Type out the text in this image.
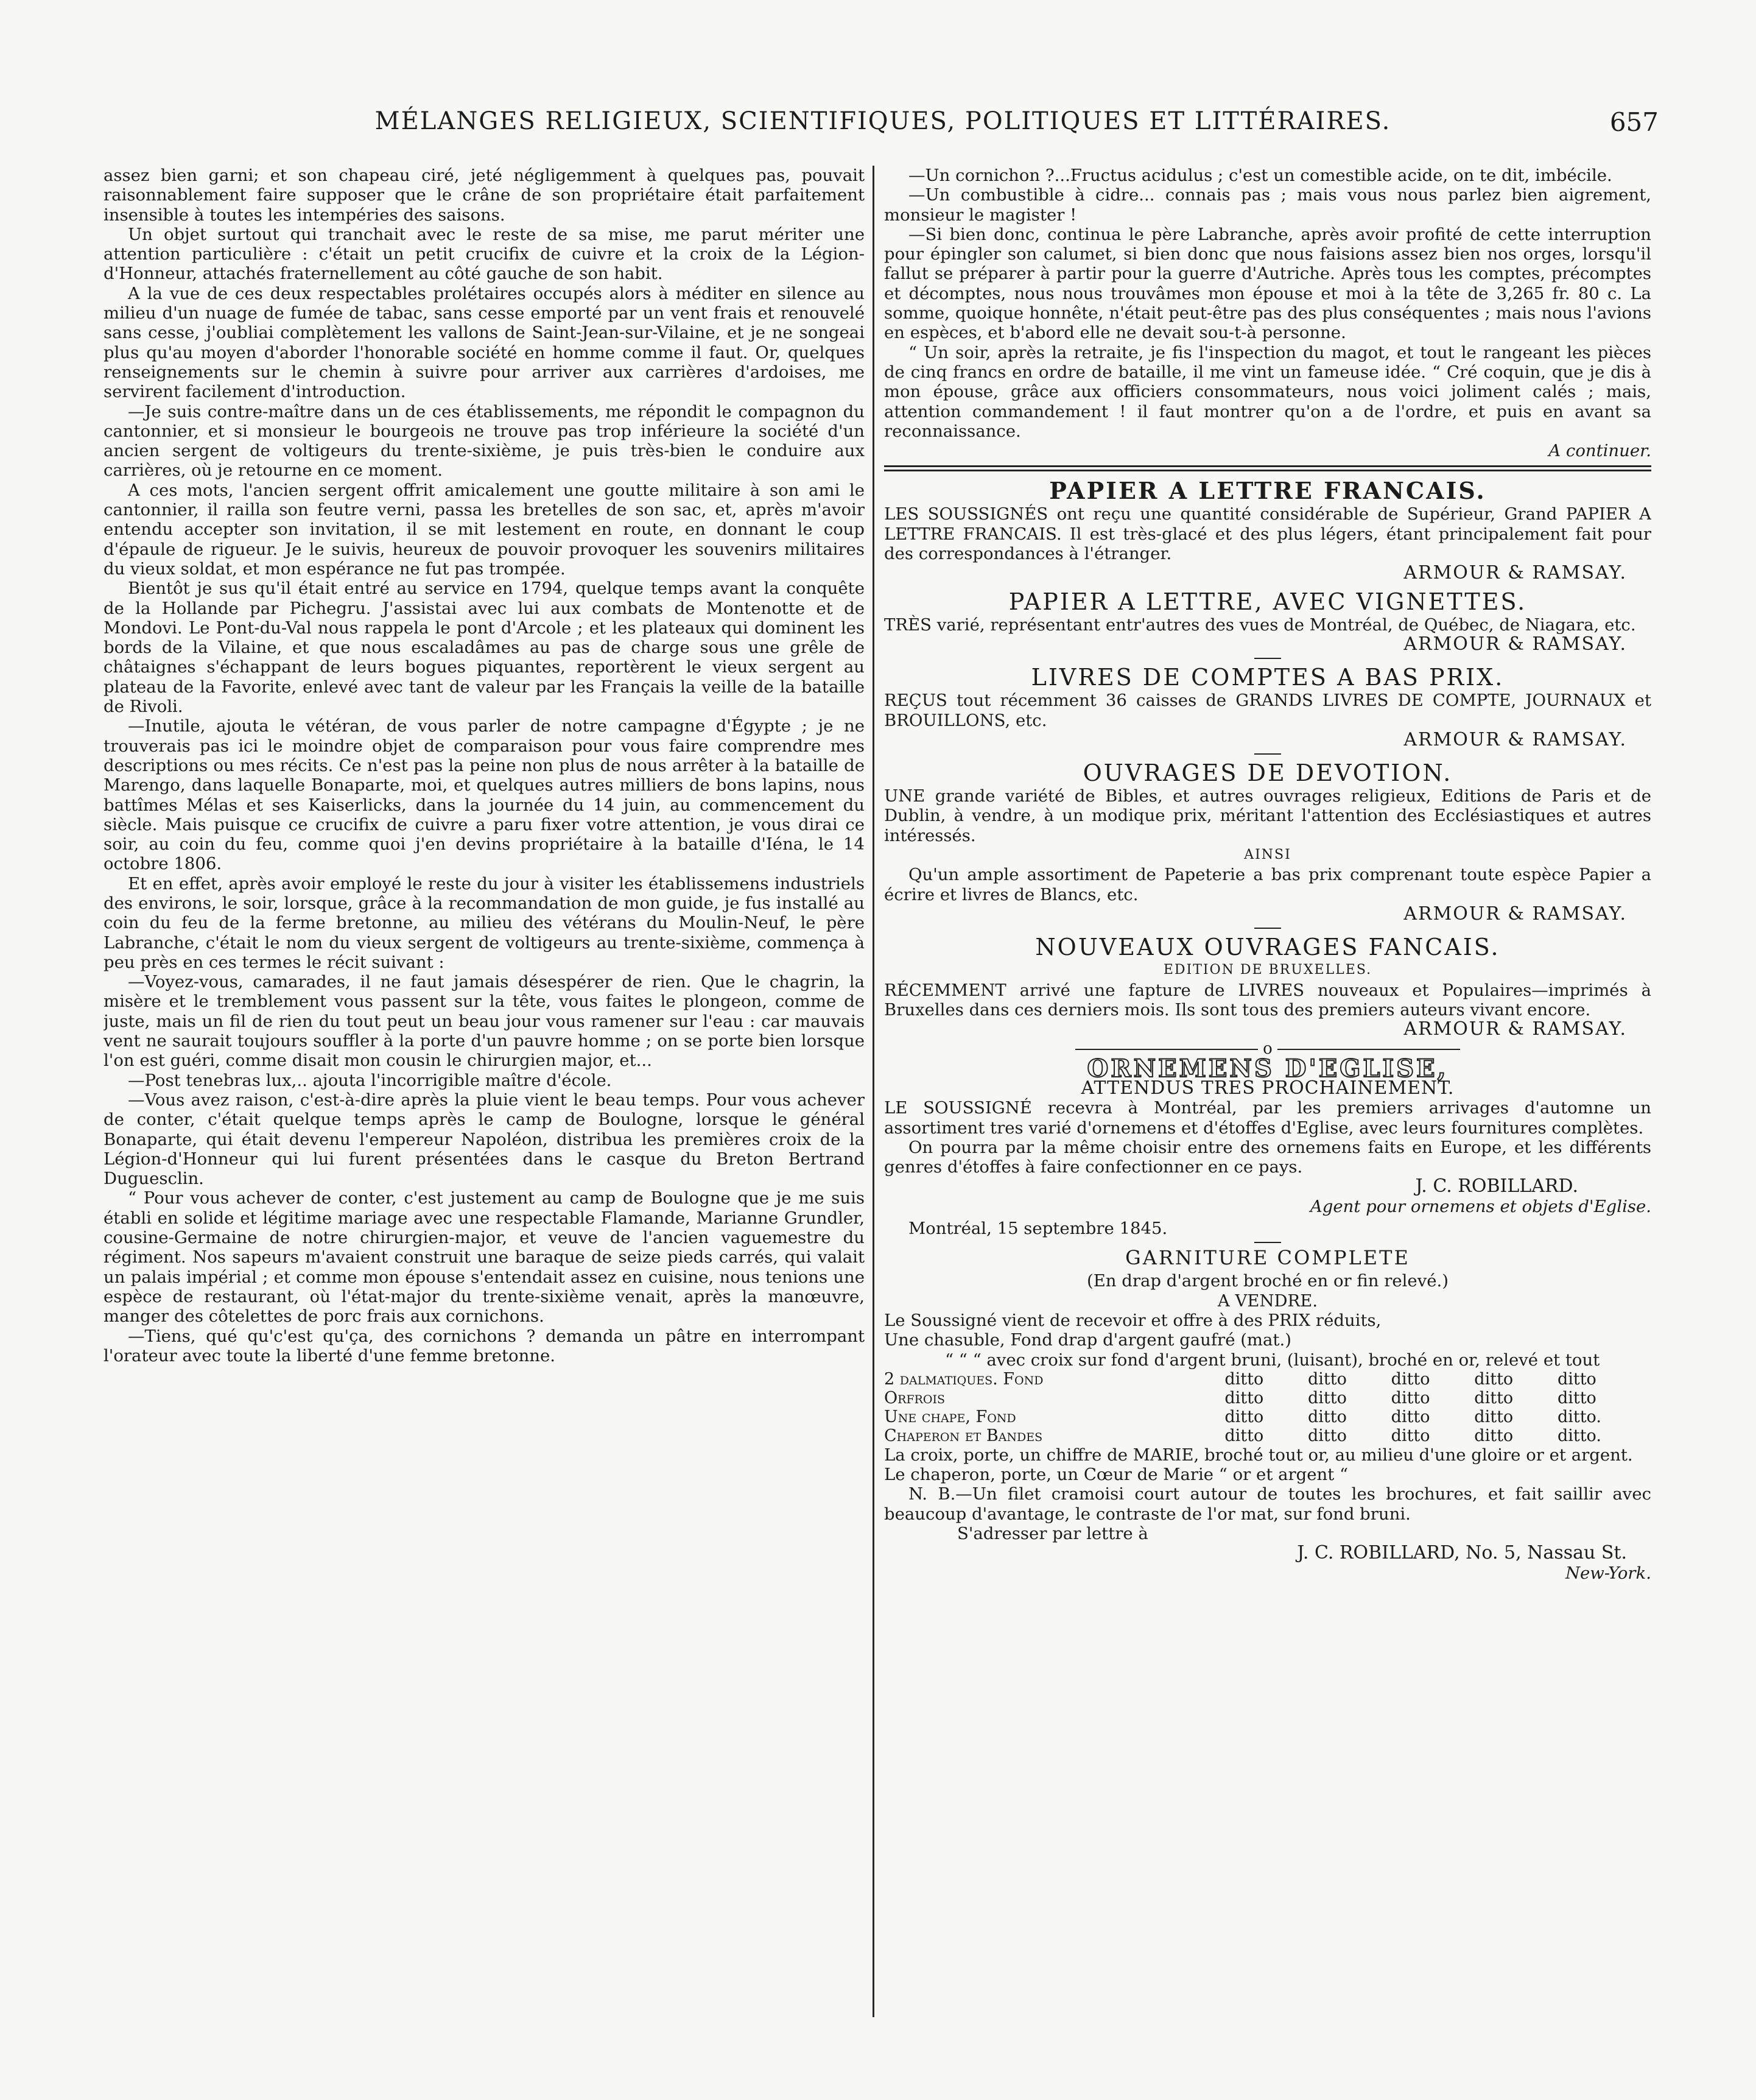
MÉLANGES RELIGIEUX, SCIENTIFIQUES, POLITIQUES ET LITTÉRAIRES.	657

assez bien garni; et son chapeau ciré, jeté négligemment à quelques pas, pouvait raisonnablement faire supposer que le crâne de son propriétaire était parfaitement insensible à toutes les intempéries des saisons.

Un objet surtout qui tranchait avec le reste de sa mise, me parut mériter une attention particulière : c'était un petit crucifix de cuivre et la croix de la Légion-d'Honneur, attachés fraternellement au côté gauche de son habit.

A la vue de ces deux respectables prolétaires occupés alors à méditer en silence au milieu d'un nuage de fumée de tabac, sans cesse emporté par un vent frais et renouvelé sans cesse, j'oubliai complètement les vallons de Saint-Jean-sur-Vilaine, et je ne songeai plus qu'au moyen d'aborder l'honorable société en homme comme il faut. Or, quelques renseignements sur le chemin à suivre pour arriver aux carrières d'ardoises, me servirent facilement d'introduction.

—Je suis contre-maître dans un de ces établissements, me répondit le compagnon du cantonnier, et si monsieur le bourgeois ne trouve pas trop inférieure la société d'un ancien sergent de voltigeurs du trente-sixième, je puis très-bien le conduire aux carrières, où je retourne en ce moment.

A ces mots, l'ancien sergent offrit amicalement une goutte militaire à son ami le cantonnier, il railla son feutre verni, passa les bretelles de son sac, et, après m'avoir entendu accepter son invitation, il se mit lestement en route, en donnant le coup d'épaule de rigueur. Je le suivis, heureux de pouvoir provoquer les souvenirs militaires du vieux soldat, et mon espérance ne fut pas trompée.

Bientôt je sus qu'il était entré au service en 1794, quelque temps avant la conquête de la Hollande par Pichegru. J'assistai avec lui aux combats de Montenotte et de Mondovi. Le Pont-du-Val nous rappela le pont d'Arcole ; et les plateaux qui dominent les bords de la Vilaine, et que nous escaladâmes au pas de charge sous une grêle de châtaignes s'échappant de leurs bogues piquantes, reportèrent le vieux sergent au plateau de la Favorite, enlevé avec tant de valeur par les Français la veille de la bataille de Rivoli.

—Inutile, ajouta le vétéran, de vous parler de notre campagne d'Égypte ; je ne trouverais pas ici le moindre objet de comparaison pour vous faire comprendre mes descriptions ou mes récits. Ce n'est pas la peine non plus de nous arrêter à la bataille de Marengo, dans laquelle Bonaparte, moi, et quelques autres milliers de bons lapins, nous battîmes Mélas et ses Kaiserlicks, dans la journée du 14 juin, au commencement du siècle. Mais puisque ce crucifix de cuivre a paru fixer votre attention, je vous dirai ce soir, au coin du feu, comme quoi j'en devins propriétaire à la bataille d'Iéna, le 14 octobre 1806.

Et en effet, après avoir employé le reste du jour à visiter les établissemens industriels des environs, le soir, lorsque, grâce à la recommandation de mon guide, je fus installé au coin du feu de la ferme bretonne, au milieu des vétérans du Moulin-Neuf, le père Labranche, c'était le nom du vieux sergent de voltigeurs au trente-sixième, commença à peu près en ces termes le récit suivant :

—Voyez-vous, camarades, il ne faut jamais désespérer de rien. Que le chagrin, la misère et le tremblement vous passent sur la tête, vous faites le plongeon, comme de juste, mais un fil de rien du tout peut un beau jour vous ramener sur l'eau : car mauvais vent ne saurait toujours souffler à la porte d'un pauvre homme ; on se porte bien lorsque l'on est guéri, comme disait mon cousin le chirurgien major, et...

—Post tenebras lux,.. ajouta l'incorrigible maître d'école.

—Vous avez raison, c'est-à-dire après la pluie vient le beau temps. Pour vous achever de conter, c'était quelque temps après le camp de Boulogne, lorsque le général Bonaparte, qui était devenu l'empereur Napoléon, distribua les premières croix de la Légion-d'Honneur qui lui furent présentées dans le casque du Breton Bertrand Duguesclin.

“ Pour vous achever de conter, c'est justement au camp de Boulogne que je me suis établi en solide et légitime mariage avec une respectable Flamande, Marianne Grundler, cousine-Germaine de notre chirurgien-major, et veuve de l'ancien vaguemestre du régiment. Nos sapeurs m'avaient construit une baraque de seize pieds carrés, qui valait un palais impérial ; et comme mon épouse s'entendait assez en cuisine, nous tenions une espèce de restaurant, où l'état-major du trente-sixième venait, après la manœuvre, manger des côtelettes de porc frais aux cornichons.

—Tiens, qué qu'c'est qu'ça, des cornichons ? demanda un pâtre en interrompant l'orateur avec toute la liberté d'une femme bretonne.

—Un cornichon ?...Fructus acidulus ; c'est un comestible acide, on te dit, imbécile.

—Un combustible à cidre... connais pas ; mais vous nous parlez bien aigrement, monsieur le magister !

—Si bien donc, continua le père Labranche, après avoir profité de cette interruption pour épingler son calumet, si bien donc que nous faisions assez bien nos orges, lorsqu'il fallut se préparer à partir pour la guerre d'Autriche. Après tous les comptes, précomptes et décomptes, nous nous trouvâmes mon épouse et moi à la tête de 3,265 fr. 80 c. La somme, quoique honnête, n'était peut-être pas des plus conséquentes ; mais nous l'avions en espèces, et b'abord elle ne devait sou-t-à personne.

“ Un soir, après la retraite, je fis l'inspection du magot, et tout le rangeant les pièces de cinq francs en ordre de bataille, il me vint un fameuse idée. “ Cré coquin, que je dis à mon épouse, grâce aux officiers consommateurs, nous voici joliment calés ; mais, attention commandement ! il faut montrer qu'on a de l'ordre, et puis en avant sa reconnaissance.

A continuer.

PAPIER A LETTRE FRANCAIS.

LES SOUSSIGNÉS ont reçu une quantité considérable de Supérieur, Grand PAPIER A LETTRE FRANCAIS. Il est très-glacé et des plus légers, étant principalement fait pour des correspondances à l'étranger.

ARMOUR & RAMSAY.
PAPIER A LETTRE, AVEC VIGNETTES.

TRÈS varié, représentant entr'autres des vues de Montréal, de Québec, de Niagara, etc.

ARMOUR & RAMSAY.
LIVRES DE COMPTES A BAS PRIX.

REÇUS tout récemment 36 caisses de GRANDS LIVRES DE COMPTE, JOURNAUX et BROUILLONS, etc.

ARMOUR & RAMSAY.
OUVRAGES DE DEVOTION.

UNE grande variété de Bibles, et autres ouvrages religieux, Editions de Paris et de Dublin, à vendre, à un modique prix, méritant l'attention des Ecclésiastiques et autres intéressés.

AINSI

Qu'un ample assortiment de Papeterie a bas prix comprenant toute espèce Papier a écrire et livres de Blancs, etc.

ARMOUR & RAMSAY.
NOUVEAUX OUVRAGES FANCAIS.
EDITION DE BRUXELLES.

RÉCEMMENT arrivé une fapture de LIVRES nouveaux et Populaires—imprimés à Bruxelles dans ces derniers mois. Ils sont tous des premiers auteurs vivant encore.

ARMOUR & RAMSAY.
o
ORNEMENS D'EGLISE,
ATTENDUS TRES PROCHAINEMENT.

LE SOUSSIGNÉ recevra à Montréal, par les premiers arrivages d'automne un assortiment tres varié d'ornemens et d'étoffes d'Eglise, avec leurs fournitures complètes.

On pourra par la même choisir entre des ornemens faits en Europe, et les différents genres d'étoffes à faire confectionner en ce pays.

J. C. ROBILLARD.
Agent pour ornemens et objets d'Eglise.

Montréal, 15 septembre 1845.

GARNITURE COMPLETE
(En drap d'argent broché en or fin relevé.)
A VENDRE.

Le Soussigné vient de recevoir et offre à des PRIX réduits,

Une chasuble, Fond drap d'argent gaufré (mat.)

“ “ “ avec croix sur fond d'argent bruni, (luisant), broché en or, relevé et tout

2 dalmatiques. Fond	ditto	ditto	ditto	ditto	ditto
Orfrois	ditto	ditto	ditto	ditto	ditto
Une chape, Fond	ditto	ditto	ditto	ditto	ditto.
Chaperon et Bandes	ditto	ditto	ditto	ditto	ditto.

La croix, porte, un chiffre de MARIE, broché tout or, au milieu d'une gloire or et argent.

Le chaperon, porte, un Cœur de Marie “ or et argent “

N. B.—Un filet cramoisi court autour de toutes les brochures, et fait saillir avec beaucoup d'avantage, le contraste de l'or mat, sur fond bruni.

S'adresser par lettre à

J. C. ROBILLARD, No. 5, Nassau St.
New-York.
